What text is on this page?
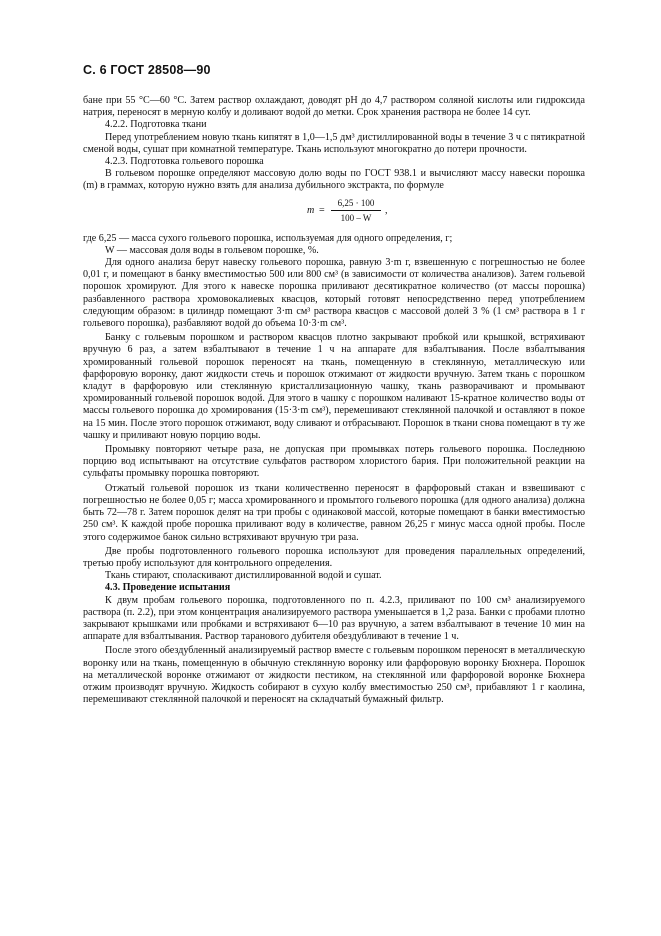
С. 6 ГОСТ 28508—90

бане при 55 °С—60 °С. Затем раствор охлаждают, доводят pH до 4,7 раствором соляной кислоты или гидроксида натрия, переносят в мерную колбу и доливают водой до метки. Срок хранения раствора не более 14 сут.

4.2.2. Подготовка ткани

Перед употреблением новую ткань кипятят в 1,0—1,5 дм³ дистиллированной воды в течение 3 ч с пятикратной сменой воды, сушат при комнатной температуре. Ткань используют многократно до потери прочности.

4.2.3. Подготовка гольевого порошка

В гольевом порошке определяют массовую долю воды по ГОСТ 938.1 и вычисляют массу навески порошка (m) в граммах, которую нужно взять для анализа дубильного экстракта, по формуле

m =
6,25 · 100
100 – W
,

где 6,25 — масса сухого гольевого порошка, используемая для одного определения, г;

W — массовая доля воды в гольевом порошке, %.

Для одного анализа берут навеску гольевого порошка, равную 3·m г, взвешенную с погрешностью не более 0,01 г, и помещают в банку вместимостью 500 или 800 см³ (в зависимости от количества анализов). Затем гольевой порошок хромируют. Для этого к навеске порошка приливают десятикратное количество (от массы порошка) разбавленного раствора хромовокалиевых квасцов, который готовят непосредственно перед употреблением следующим образом: в цилиндр помещают 3·m см³ раствора квасцов с массовой долей 3 % (1 см³ раствора в 1 г гольевого порошка), разбавляют водой до объема 10·3·m см³.

Банку с гольевым порошком и раствором квасцов плотно закрывают пробкой или крышкой, встряхивают вручную 6 раз, а затем взбалтывают в течение 1 ч на аппарате для взбалтывания. После взбалтывания хромированный гольевой порошок переносят на ткань, помещенную в стеклянную, металлическую или фарфоровую воронку, дают жидкости стечь и порошок отжимают от жидкости вручную. Затем ткань с порошком кладут в фарфоровую или стеклянную кристаллизационную чашку, ткань разворачивают и промывают хромированный гольевой порошок водой. Для этого в чашку с порошком наливают 15-кратное количество воды от массы гольевого порошка до хромирования (15·3·m см³), перемешивают стеклянной палочкой и оставляют в покое на 15 мин. После этого порошок отжимают, воду сливают и отбрасывают. Порошок в ткани снова помещают в ту же чашку и приливают новую порцию воды.

Промывку повторяют четыре раза, не допуская при промывках потерь гольевого порошка. Последнюю порцию вод испытывают на отсутствие сульфатов раствором хлористого бария. При положительной реакции на сульфаты промывку порошка повторяют.

Отжатый гольевой порошок из ткани количественно переносят в фарфоровый стакан и взвешивают с погрешностью не более 0,05 г; масса хромированного и промытого гольевого порошка (для одного анализа) должна быть 72—78 г. Затем порошок делят на три пробы с одинаковой массой, которые помещают в банки вместимостью 250 см³. К каждой пробе порошка приливают воду в количестве, равном 26,25 г минус масса одной пробы. После этого содержимое банок сильно встряхивают вручную три раза.

Две пробы подготовленного гольевого порошка используют для проведения параллельных определений, третью пробу используют для контрольного определения.

Ткань стирают, споласкивают дистиллированной водой и сушат.

4.3. Проведение испытания

К двум пробам гольевого порошка, подготовленного по п. 4.2.3, приливают по 100 см³ анализируемого раствора (п. 2.2), при этом концентрация анализируемого раствора уменьшается в 1,2 раза. Банки с пробами плотно закрывают крышками или пробками и встряхивают 6—10 раз вручную, а затем взбалтывают в течение 10 мин на аппарате для взбалтывания. Раствор таранового дубителя обездубливают в течение 1 ч.

После этого обездубленный анализируемый раствор вместе с гольевым порошком переносят в металлическую воронку или на ткань, помещенную в обычную стеклянную воронку или фарфоровую воронку Бюхнера. Порошок на металлической воронке отжимают от жидкости пестиком, на стеклянной или фарфоровой воронке Бюхнера отжим производят вручную. Жидкость собирают в сухую колбу вместимостью 250 см³, прибавляют 1 г каолина, перемешивают стеклянной палочкой и переносят на складчатый бумажный фильтр.
